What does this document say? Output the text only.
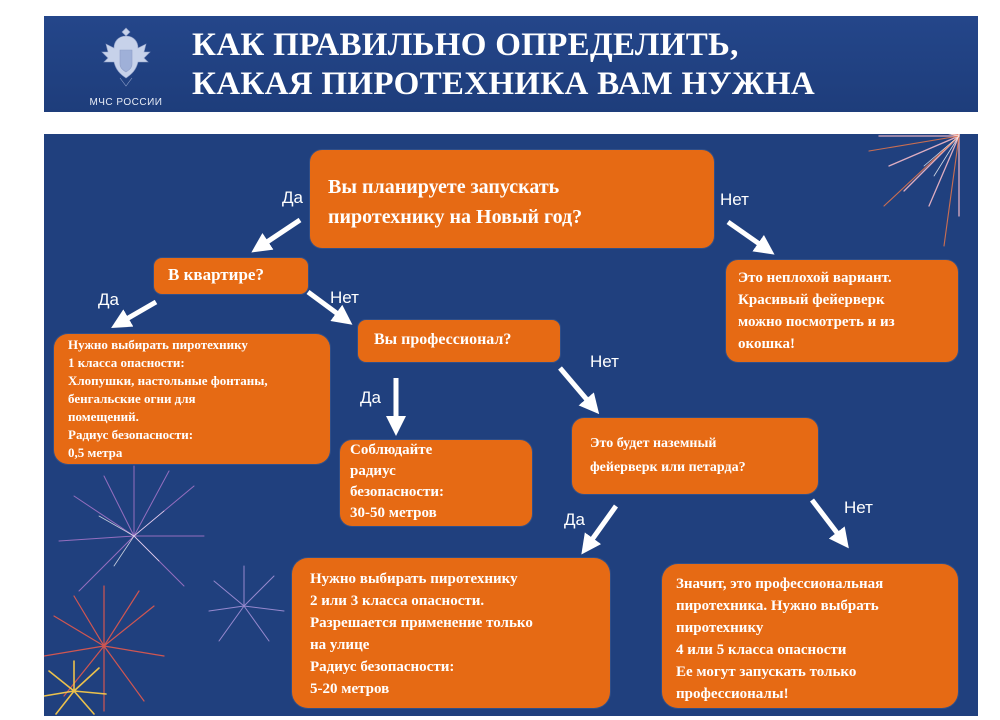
МЧС РОССИИ
КАК ПРАВИЛЬНО ОПРЕДЕЛИТЬ,
КАКАЯ ПИРОТЕХНИКА ВАМ НУЖНА
Вы планируете запускать
пиротехнику на Новый год?
В квартире?	Это неплохой вариант.
Красивый фейерверк
можно посмотреть и из
окошка!
Нужно выбирать пиротехнику
1 класса опасности:
Хлопушки, настольные фонтаны,
бенгальские огни для
помещений.
Радиус безопасности:
0,5 метра
Вы профессионал?
Соблюдайте
радиус
безопасности:
30-50 метров
Это будет наземный
фейерверк или петарда?
Нужно выбирать пиротехнику
2 или 3 класса опасности.
Разрешается применение только
на улице
Радиус безопасности:
5-20 метров
Значит, это профессиональная
пиротехника. Нужно выбрать
пиротехнику
4 или 5 класса опасности
Ее могут запускать только
профессионалы!
Да	Нет
Да	Нет
Да
Нет
Да
Нет
